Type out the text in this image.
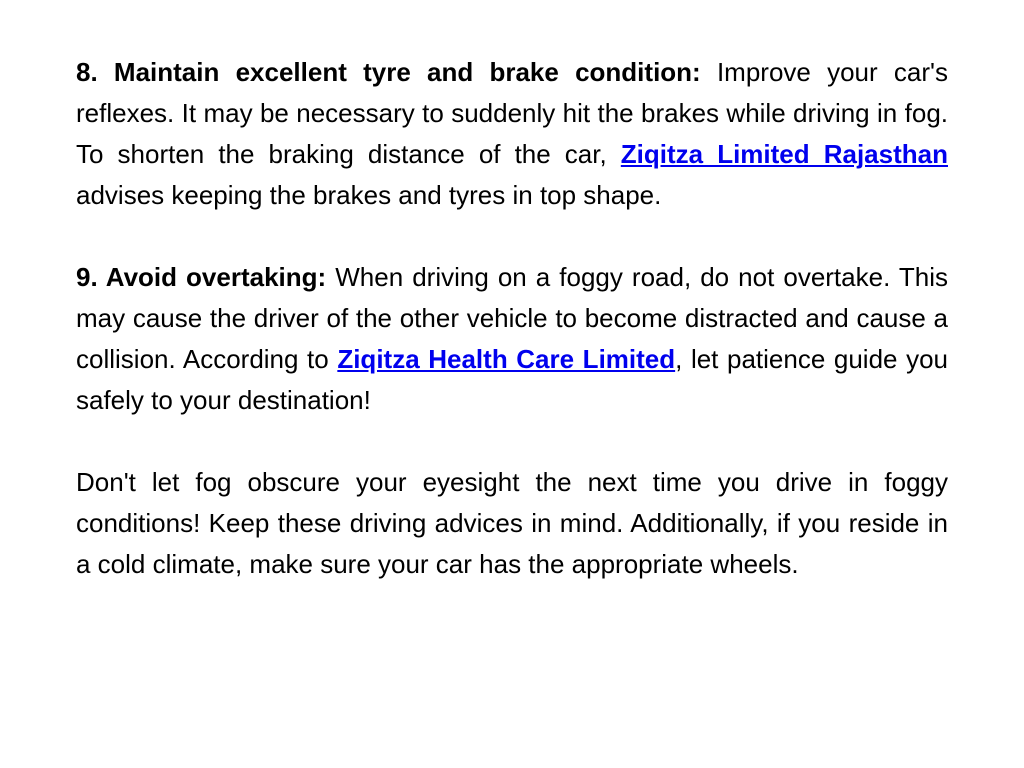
8. Maintain excellent tyre and brake condition: Improve your car's reflexes. It may be necessary to suddenly hit the brakes while driving in fog. To shorten the braking distance of the car, Ziqitza Limited Rajasthan advises keeping the brakes and tyres in top shape.

9. Avoid overtaking: When driving on a foggy road, do not overtake. This may cause the driver of the other vehicle to become distracted and cause a collision. According to Ziqitza Health Care Limited, let patience guide you safely to your destination!

Don't let fog obscure your eyesight the next time you drive in foggy conditions! Keep these driving advices in mind. Additionally, if you reside in a cold climate, make sure your car has the appropriate wheels.
